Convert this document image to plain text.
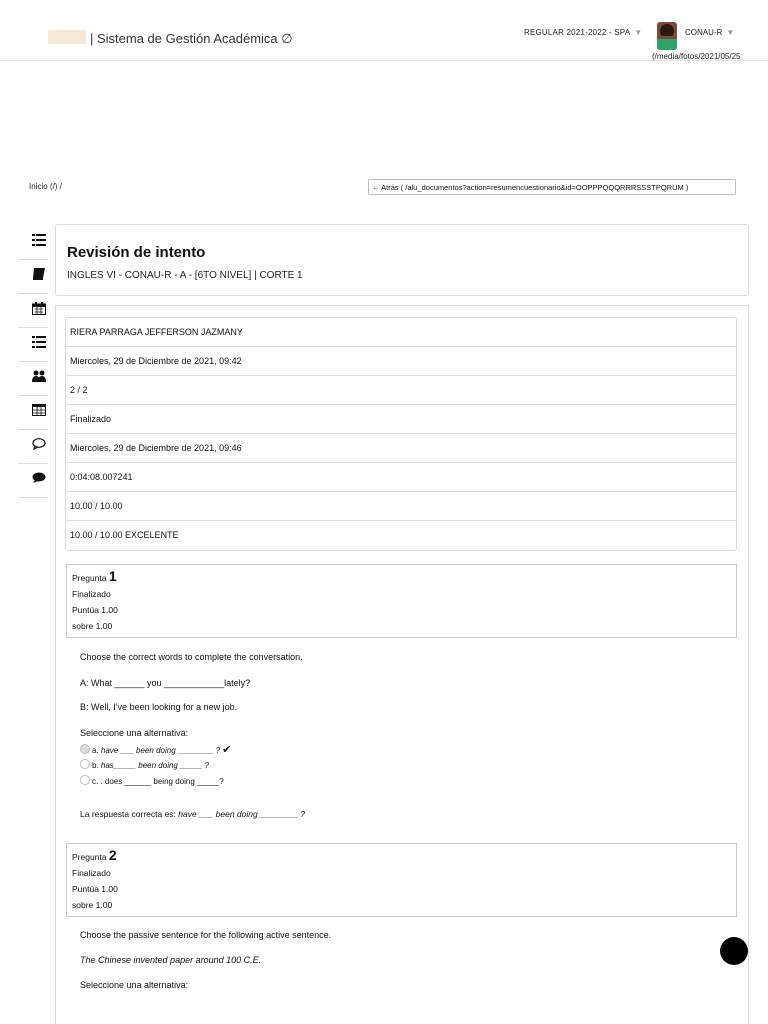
| Sistema de Gestión Académica ∅	REGULAR 2021-2022 - SPA ▼	CONAU-R ▼
(/media/fotos/2021/05/25
Inicio (/) /	← Atrás ( /alu_documentos?action=resumencuestionario&id=OOPPPQQQRRRSSSTPQRUM )
Revisión de intento
INGLES VI - CONAU-R - A - [6TO NIVEL] | CORTE 1
RIERA PARRAGA JEFFERSON JAZMANY
Miercoles, 29 de Diciembre de 2021, 09:42
2 / 2
Finalizado
Miercoles, 29 de Diciembre de 2021, 09:46
0:04:08.007241
10.00 / 10.00
10.00 / 10.00 EXCELENTE
Pregunta 1
Finalizado
Puntúa 1.00
sobre 1.00
Choose the correct words to complete the conversation.
A: What ______ you ____________lately?
B: Well, I've been looking for a new job.
Seleccione una alternativa:
a. have ___ been doing ________ ? ✔
b. has_____ been doing _____ ?
c. . does ______ being doing _____?
La respuesta correcta es: have ___ been doing ________ ?
Pregunta 2
Finalizado
Puntúa 1.00
sobre 1.00
Choose the passive sentence for the following active sentence.
The Chinese invented paper around 100 C.E.
Seleccione una alternativa:
